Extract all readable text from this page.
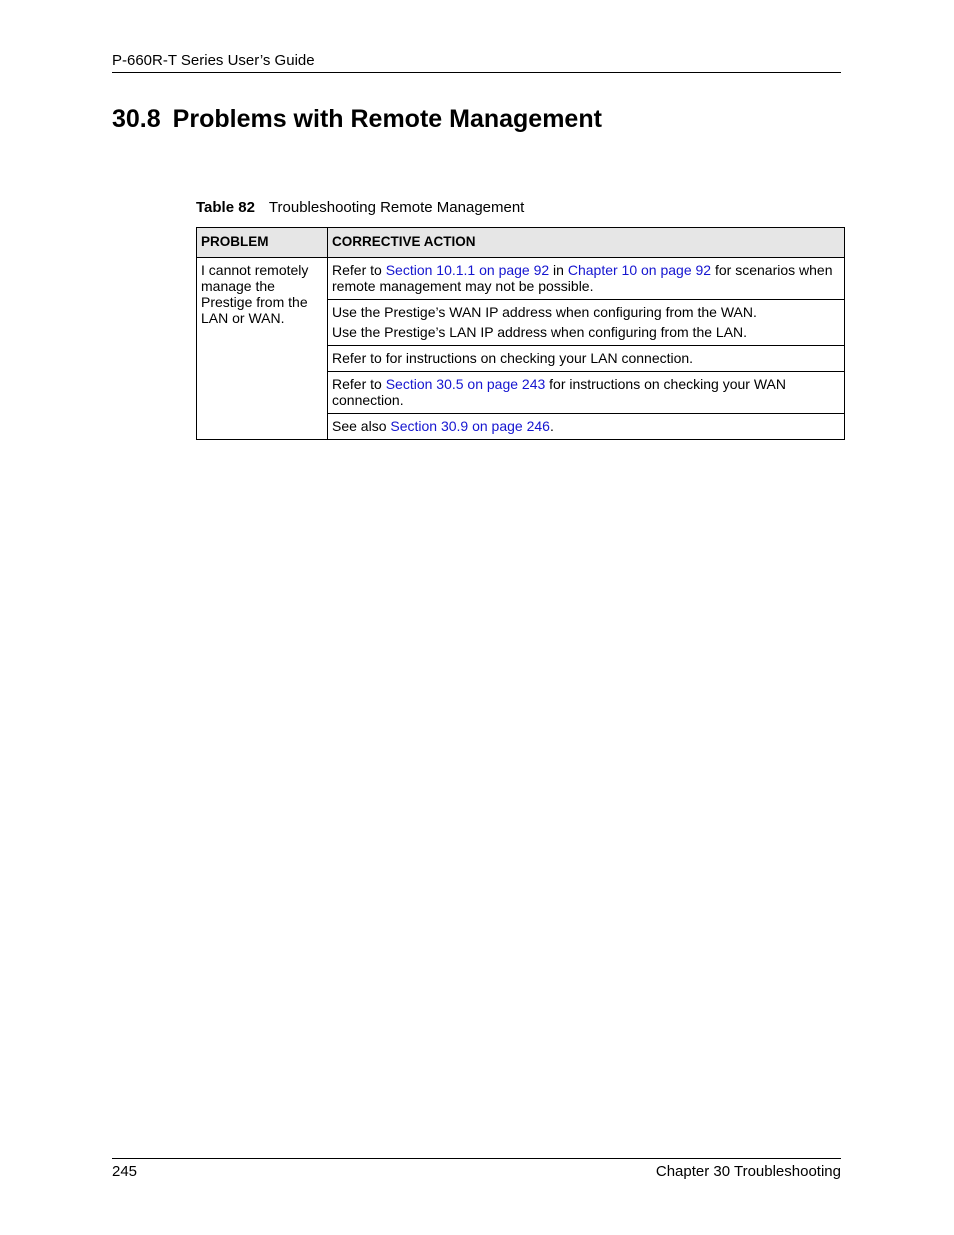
P-660R-T Series User’s Guide
30.8 Problems with Remote Management
Table 82 Troubleshooting Remote Management
PROBLEM	CORRECTIVE ACTION
I cannot remotely manage the Prestige from the LAN or WAN.	Refer to Section 10.1.1 on page 92 in Chapter 10 on page 92 for scenarios when remote management may not be possible.

	Use the Prestige’s WAN IP address when configuring from the WAN.
Use the Prestige’s LAN IP address when configuring from the LAN.

	Refer to for instructions on checking your LAN connection.
	Refer to Section 30.5 on page 243 for instructions on checking your WAN connection.
	See also Section 30.9 on page 246.
245	Chapter 30 Troubleshooting
